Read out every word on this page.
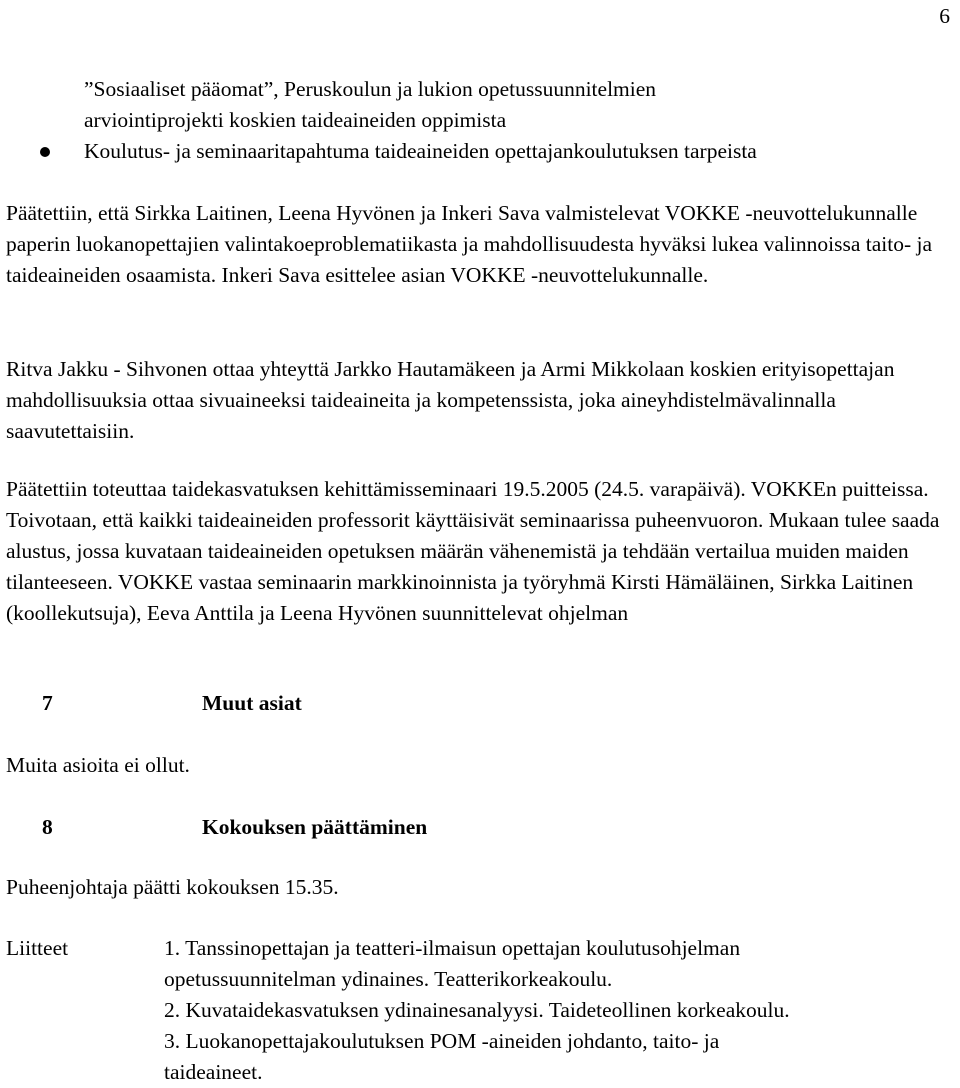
6
”Sosiaaliset pääomat”, Peruskoulun ja lukion opetussuunnitelmien
arviointiprojekti koskien taideaineiden oppimista
Koulutus- ja seminaaritapahtuma taideaineiden opettajankoulutuksen tarpeista

Päätettiin, että Sirkka Laitinen, Leena Hyvönen ja Inkeri Sava valmistelevat VOKKE -neuvottelukunnalle paperin luokanopettajien valintakoeproblematiikasta ja mahdollisuudesta hyväksi lukea valinnoissa taito- ja taideaineiden osaamista. Inkeri Sava esittelee asian VOKKE -neuvottelukunnalle.

Ritva Jakku - Sihvonen ottaa yhteyttä Jarkko Hautamäkeen ja Armi Mikkolaan koskien erityisopettajan mahdollisuuksia ottaa sivuaineeksi taideaineita ja kompetenssista, joka aineyhdistelmävalinnalla saavutettaisiin.

Päätettiin toteuttaa taidekasvatuksen kehittämisseminaari 19.5.2005 (24.5. varapäivä). VOKKEn puitteissa. Toivotaan, että kaikki taideaineiden professorit käyttäisivät seminaarissa puheenvuoron. Mukaan tulee saada alustus, jossa kuvataan taideaineiden opetuksen määrän vähenemistä ja tehdään vertailua muiden maiden tilanteeseen. VOKKE vastaa seminaarin markkinoinnista ja työryhmä Kirsti Hämäläinen, Sirkka Laitinen (koollekutsuja), Eeva Anttila ja Leena Hyvönen suunnittelevat ohjelman

7	Muut asiat

Muita asioita ei ollut.

8	Kokouksen päättäminen

Puheenjohtaja päätti kokouksen 15.35.

Liitteet	1. Tanssinopettajan ja teatteri-ilmaisun opettajan koulutusohjelman
opetussuunnitelman ydinaines. Teatterikorkeakoulu.
2. Kuvataidekasvatuksen ydinainesanalyysi. Taideteollinen korkeakoulu.
3. Luokanopettajakoulutuksen POM -aineiden johdanto, taito- ja
taideaineet.
